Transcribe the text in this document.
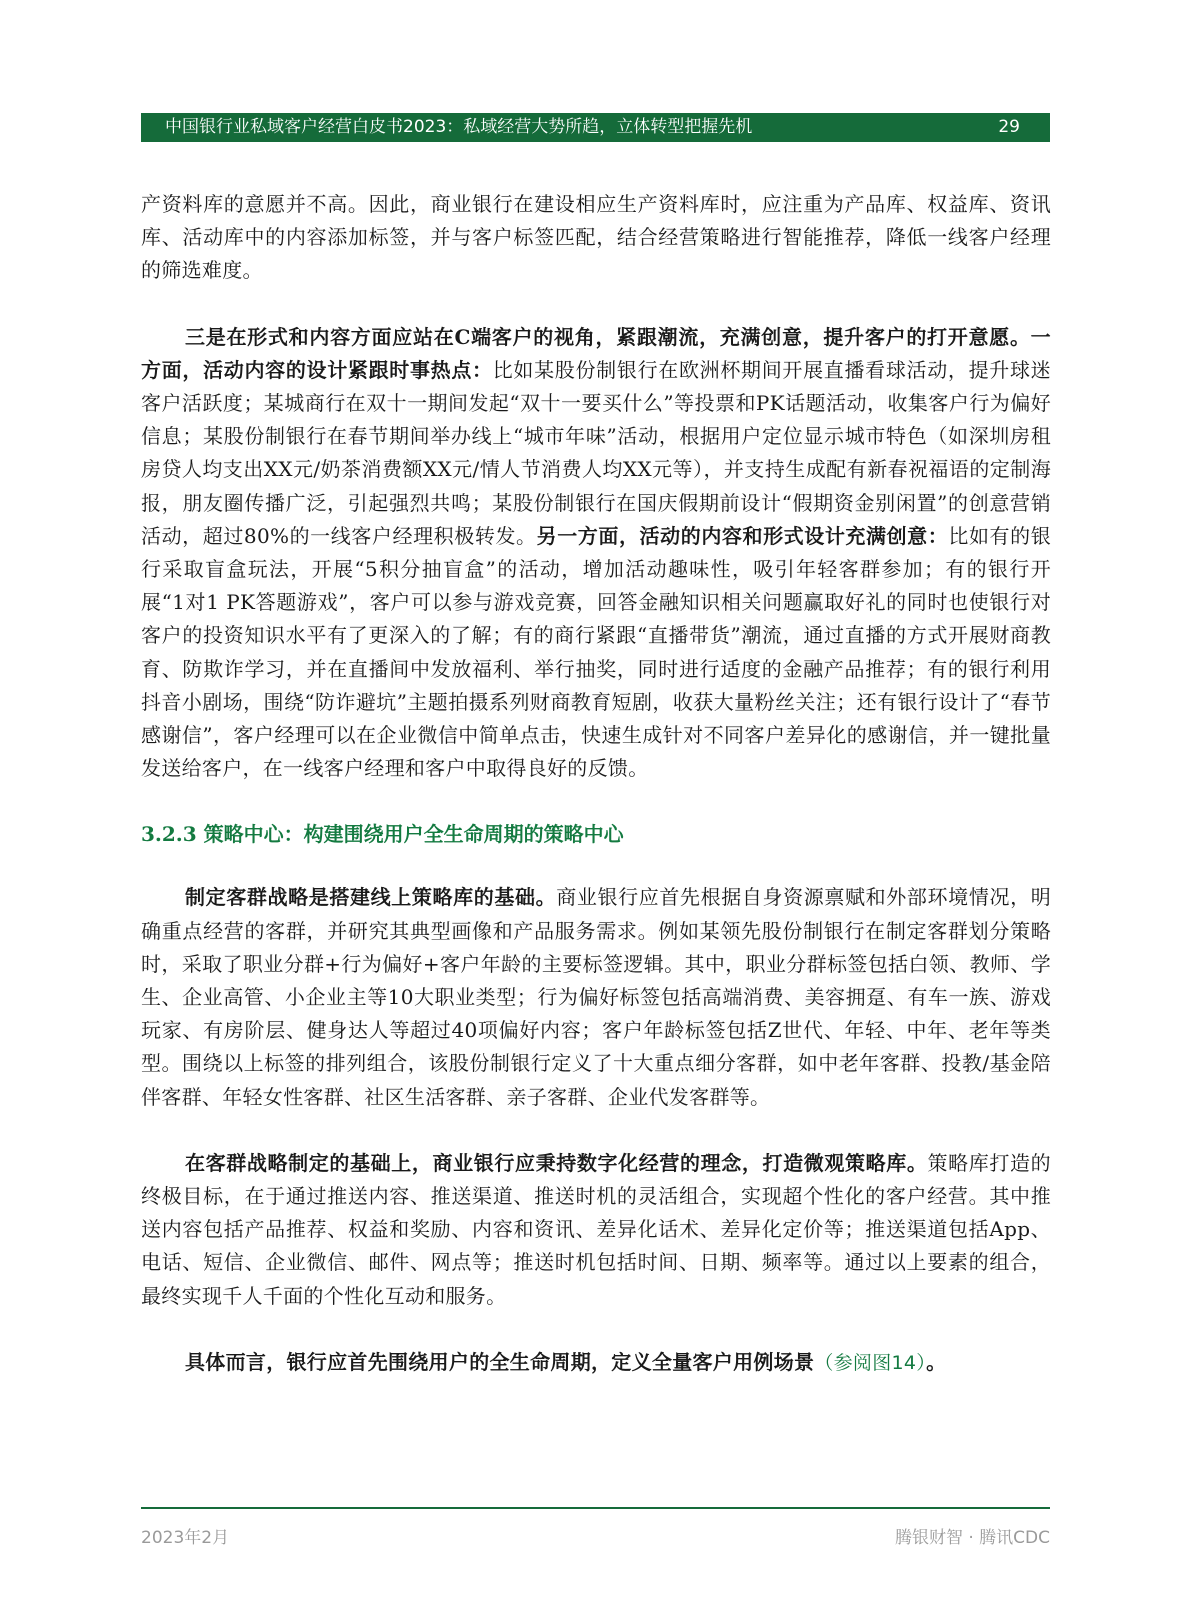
中国银行业私域客户经营白皮书2023：私域经营大势所趋，立体转型把握先机	29

产资料库的意愿并不高。因此，商业银行在建设相应生产资料库时，应注重为产品库、权益库、资讯库、活动库中的内容添加标签，并与客户标签匹配，结合经营策略进行智能推荐，降低一线客户经理的筛选难度。

三是在形式和内容方面应站在C端客户的视角，紧跟潮流，充满创意，提升客户的打开意愿。一方面，活动内容的设计紧跟时事热点：比如某股份制银行在欧洲杯期间开展直播看球活动，提升球迷客户活跃度；某城商行在双十一期间发起“双十一要买什么”等投票和PK话题活动，收集客户行为偏好信息；某股份制银行在春节期间举办线上“城市年味”活动，根据用户定位显示城市特色（如深圳房租房贷人均支出XX元/奶茶消费额XX元/情人节消费人均XX元等），并支持生成配有新春祝福语的定制海报，朋友圈传播广泛，引起强烈共鸣；某股份制银行在国庆假期前设计“假期资金别闲置”的创意营销活动，超过80%的一线客户经理积极转发。另一方面，活动的内容和形式设计充满创意：比如有的银行采取盲盒玩法，开展“5积分抽盲盒”的活动，增加活动趣味性，吸引年轻客群参加；有的银行开展“1对1 PK答题游戏”，客户可以参与游戏竞赛，回答金融知识相关问题赢取好礼的同时也使银行对客户的投资知识水平有了更深入的了解；有的商行紧跟“直播带货”潮流，通过直播的方式开展财商教育、防欺诈学习，并在直播间中发放福利、举行抽奖，同时进行适度的金融产品推荐；有的银行利用抖音小剧场，围绕“防诈避坑”主题拍摄系列财商教育短剧，收获大量粉丝关注；还有银行设计了“春节感谢信”，客户经理可以在企业微信中简单点击，快速生成针对不同客户差异化的感谢信，并一键批量发送给客户，在一线客户经理和客户中取得良好的反馈。

3.2.3 策略中心：构建围绕用户全生命周期的策略中心

制定客群战略是搭建线上策略库的基础。商业银行应首先根据自身资源禀赋和外部环境情况，明确重点经营的客群，并研究其典型画像和产品服务需求。例如某领先股份制银行在制定客群划分策略时，采取了职业分群+行为偏好+客户年龄的主要标签逻辑。其中，职业分群标签包括白领、教师、学生、企业高管、小企业主等10大职业类型；行为偏好标签包括高端消费、美容拥趸、有车一族、游戏玩家、有房阶层、健身达人等超过40项偏好内容；客户年龄标签包括Z世代、年轻、中年、老年等类型。围绕以上标签的排列组合，该股份制银行定义了十大重点细分客群，如中老年客群、投教/基金陪伴客群、年轻女性客群、社区生活客群、亲子客群、企业代发客群等。

在客群战略制定的基础上，商业银行应秉持数字化经营的理念，打造微观策略库。策略库打造的终极目标，在于通过推送内容、推送渠道、推送时机的灵活组合，实现超个性化的客户经营。其中推送内容包括产品推荐、权益和奖励、内容和资讯、差异化话术、差异化定价等；推送渠道包括App、电话、短信、企业微信、邮件、网点等；推送时机包括时间、日期、频率等。通过以上要素的组合，最终实现千人千面的个性化互动和服务。

具体而言，银行应首先围绕用户的全生命周期，定义全量客户用例场景（参阅图14）。

2023年2月	腾银财智 · 腾讯CDC
